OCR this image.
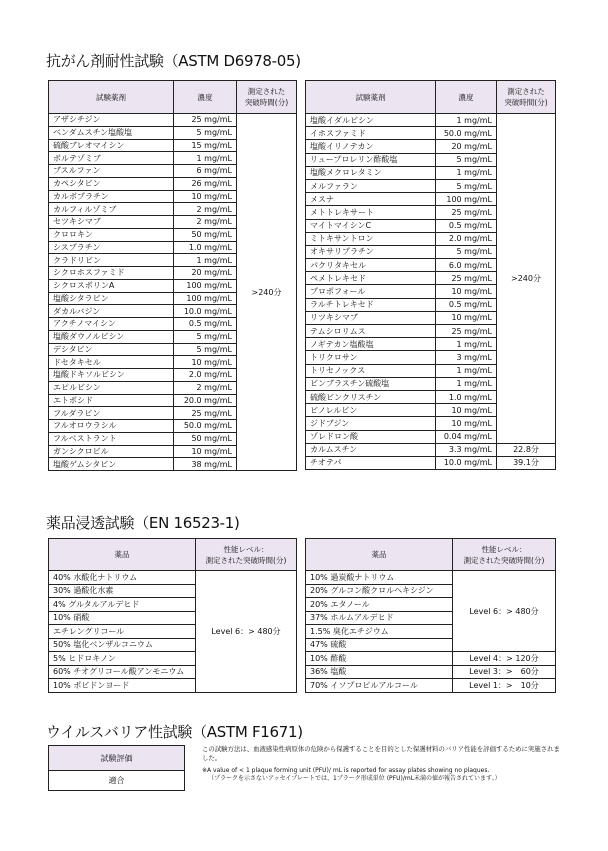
抗がん剤耐性試験（ASTM D6978-05)
試験薬剤	濃度	測定された
突破時間(分)
アザシチジン	25 mg/mL	>240分
ベンダムスチン塩酸塩	5 mg/mL	
硫酸ブレオマイシン	15 mg/mL	
ボルテゾミブ	1 mg/mL	
ブスルファン	6 mg/mL	
カペシタビン	26 mg/mL	
カルボプラチン	10 mg/mL	
カルフィルゾミブ	2 mg/mL	
セツキシマブ	2 mg/mL	
クロロキン	50 mg/mL	
シスプラチン	1.0 mg/mL	
クラドリビン	1 mg/mL	
シクロホスファミド	20 mg/mL	
シクロスポリンA	100 mg/mL	
塩酸シタラビン	100 mg/mL	
ダカルバジン	10.0 mg/mL	
アクチノマイシン	0.5 mg/mL	
塩酸ダウノルビシン	5 mg/mL	
デシタビン	5 mg/mL	
ドセタキセル	10 mg/mL	
塩酸ドキソルビシン	2.0 mg/mL	
エピルビシン	2 mg/mL	
エトポシド	20.0 mg/mL	
フルダラビン	25 mg/mL	
フルオロウラシル	50.0 mg/mL	
フルベストラント	50 mg/mL	
ガンシクロビル	10 mg/mL	
塩酸ゲムシタビン	38 mg/mL	
試験薬剤	濃度	測定された
突破時間(分)
塩酸イダルビシン	1 mg/mL	>240分
イホスファミド	50.0 mg/mL	
塩酸イリノテカン	20 mg/mL	
リュープロレリン酢酸塩	5 mg/mL	
塩酸メクロレタミン	1 mg/mL	
メルファラン	5 mg/mL	
メスナ	100 mg/mL	
メトトレキサート	25 mg/mL	
マイトマイシンC	0.5 mg/mL	
ミトキサントロン	2.0 mg/mL	
オキサリプラチン	5 mg/mL	
パクリタキセル	6.0 mg/mL	
ペメトレキセド	25 mg/mL	
プロポフォール	10 mg/mL	
ラルチトレキセド	0.5 mg/mL	
リツキシマブ	10 mg/mL	
テムシロリムス	25 mg/mL	
ノギテカン塩酸塩	1 mg/mL	
トリクロサン	3 mg/mL	
トリセノックス	1 mg/mL	
ビンブラスチン硫酸塩	1 mg/mL	
硫酸ビンクリスチン	1.0 mg/mL	
ビノレルビン	10 mg/mL	
ジドブジン	10 mg/mL	
ゾレドロン酸	0.04 mg/mL	
カルムスチン	3.3 mg/mL	22.8分
チオテパ	10.0 mg/mL	39.1分
薬品浸透試験（EN 16523-1)
薬品	性能レベル：
測定された突破時間(分)
40% 水酸化ナトリウム	Level 6：> 480分
30% 過酸化水素	
4% グルタルアルデヒド	
10% 硝酸	
エチレングリコール	
50% 塩化ベンザルコニウム	
5% ヒドロキノン	
60% チオグリコール酸アンモニウム	
10% ポビドンヨード	
薬品	性能レベル：
測定された突破時間(分)
10% 過炭酸ナトリウム	Level 6：> 480分
20% グルコン酸クロルヘキシジン	
20% エタノール	
37% ホルムアルデヒド	
1.5% 臭化エチジウム	
47% 硫酸	
10% 酢酸	Level 4：> 120分
36% 塩酸	Level 3：>　60分
70% イソプロピルアルコール	Level 1：>　10分
ウイルスバリア性試験（ASTM F1671)
試験評価
適合
この試験方法は、血液感染性病原体の危険から保護することを目的とした保護材料のバリア性能を評価するために実施されました。
※A value of < 1 plaque forming unit (PFU)/ mL is reported for assay plates showing no plaques.
（プラークを示さないアッセイプレートでは、1プラーク形成単位 (PFU)/mL未満の値が報告されています。）
